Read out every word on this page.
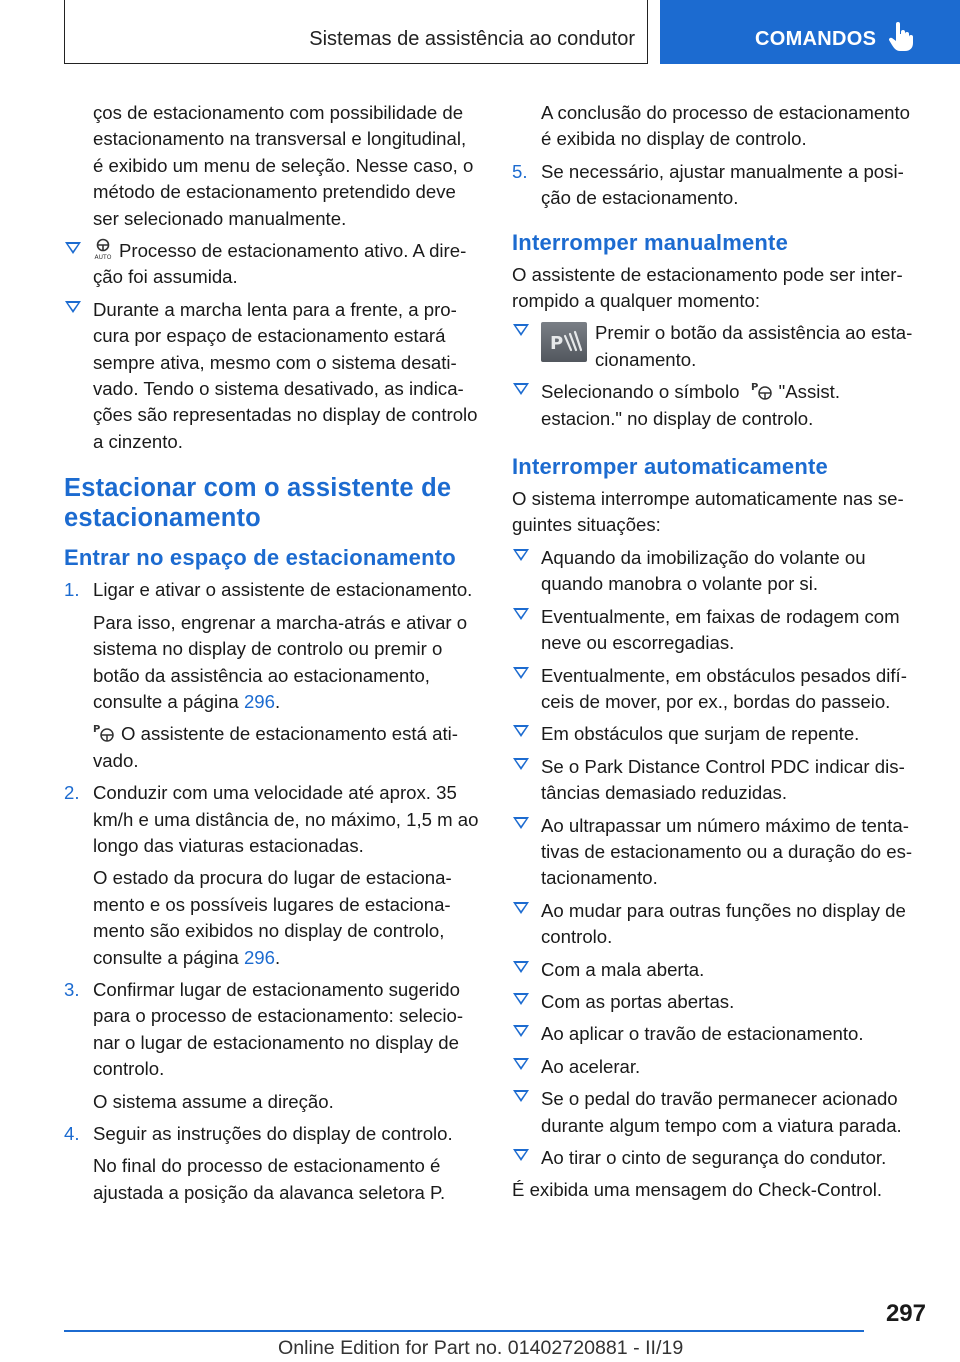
Sistemas de assistência ao condutor	COMANDOS

ços de estacionamento com possibilidade de estacionamento na transversal e longitudinal, é exibido um menu de seleção. Nesse caso, o método de estacionamento pretendido deve ser selecionado manualmente.

AUTO Processo de estacionamento ativo. A direção foi assumida.
Durante a marcha lenta para a frente, a procura por espaço de estacionamento estará sempre ativa, mesmo com o sistema desativado. Tendo o sistema desativado, as indicações são representadas no display de controlo a cinzento.
Estacionar com o assistente de estacionamento
Entrar no espaço de estacionamento
1. Ligar e ativar o assistente de estacionamento.

Para isso, engrenar a marcha-atrás e ativar o sistema no display de controlo ou premir o botão da assistência ao estacionamento, consulte a página 296.

P O assistente de estacionamento está ativado.

2. Conduzir com uma velocidade até aprox. 35 km/h e uma distância de, no máximo, 1,5 m ao longo das viaturas estacionadas.

O estado da procura do lugar de estacionamento e os possíveis lugares de estacionamento são exibidos no display de controlo, consulte a página 296.

3. Confirmar lugar de estacionamento sugerido para o processo de estacionamento: selecionar o lugar de estacionamento no display de controlo.

O sistema assume a direção.

4. Seguir as instruções do display de controlo.

No final do processo de estacionamento é ajustada a posição da alavanca seletora P.

A conclusão do processo de estacionamento é exibida no display de controlo.

5. Se necessário, ajustar manualmente a posição de estacionamento.
Interromper manualmente

O assistente de estacionamento pode ser interrompido a qualquer momento:

P
Premir o botão da assistência ao estacionamento.
Selecionando o símbolo P "Assist. estacion." no display de controlo.
Interromper automaticamente

O sistema interrompe automaticamente nas seguintes situações:

Aquando da imobilização do volante ou quando manobra o volante por si.
Eventualmente, em faixas de rodagem com neve ou escorregadias.
Eventualmente, em obstáculos pesados difíceis de mover, por ex., bordas do passeio.
Em obstáculos que surjam de repente.
Se o Park Distance Control PDC indicar distâncias demasiado reduzidas.
Ao ultrapassar um número máximo de tentativas de estacionamento ou a duração do estacionamento.
Ao mudar para outras funções no display de controlo.
Com a mala aberta.
Com as portas abertas.
Ao aplicar o travão de estacionamento.
Ao acelerar.
Se o pedal do travão permanecer acionado durante algum tempo com a viatura parada.
Ao tirar o cinto de segurança do condutor.

É exibida uma mensagem do Check-Control.

297
Online Edition for Part no. 01402720881 - II/19
